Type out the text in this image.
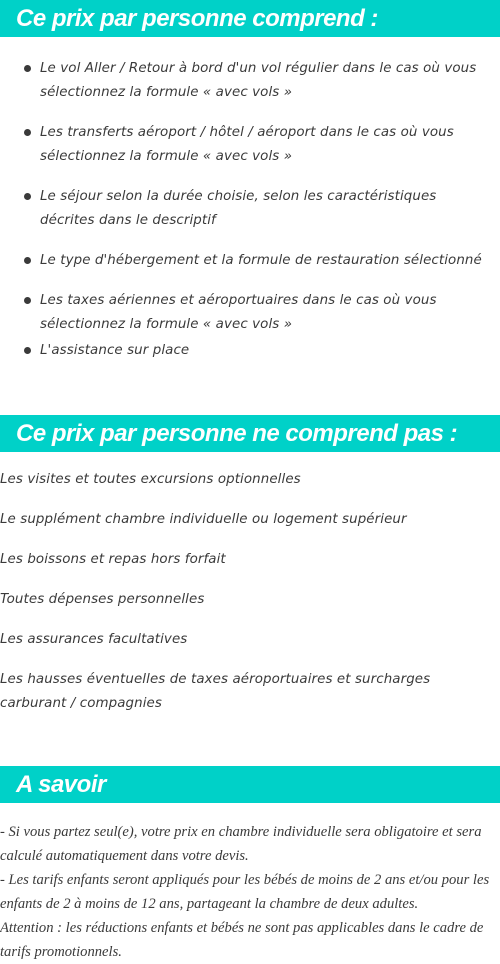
Ce prix par personne comprend :
Le vol Aller / Retour à bord d'un vol régulier dans le cas où vous sélectionnez la formule « avec vols »
Les transferts aéroport / hôtel / aéroport dans le cas où vous sélectionnez la formule « avec vols »
Le séjour selon la durée choisie, selon les caractéristiques décrites dans le descriptif
Le type d'hébergement et la formule de restauration sélectionné
Les taxes aériennes et aéroportuaires dans le cas où vous sélectionnez la formule « avec vols »
L'assistance sur place
Ce prix par personne ne comprend pas :

Les visites et toutes excursions optionnelles

Le supplément chambre individuelle ou logement supérieur

Les boissons et repas hors forfait

Toutes dépenses personnelles

Les assurances facultatives

Les hausses éventuelles de taxes aéroportuaires et surcharges carburant / compagnies

A savoir

- Si vous partez seul(e), votre prix en chambre individuelle sera obligatoire et sera calculé automatiquement dans votre devis.

- Les tarifs enfants seront appliqués pour les bébés de moins de 2 ans et/ou pour les enfants de 2 à moins de 12 ans, partageant la chambre de deux adultes.

Attention : les réductions enfants et bébés ne sont pas applicables dans le cadre de tarifs promotionnels.
